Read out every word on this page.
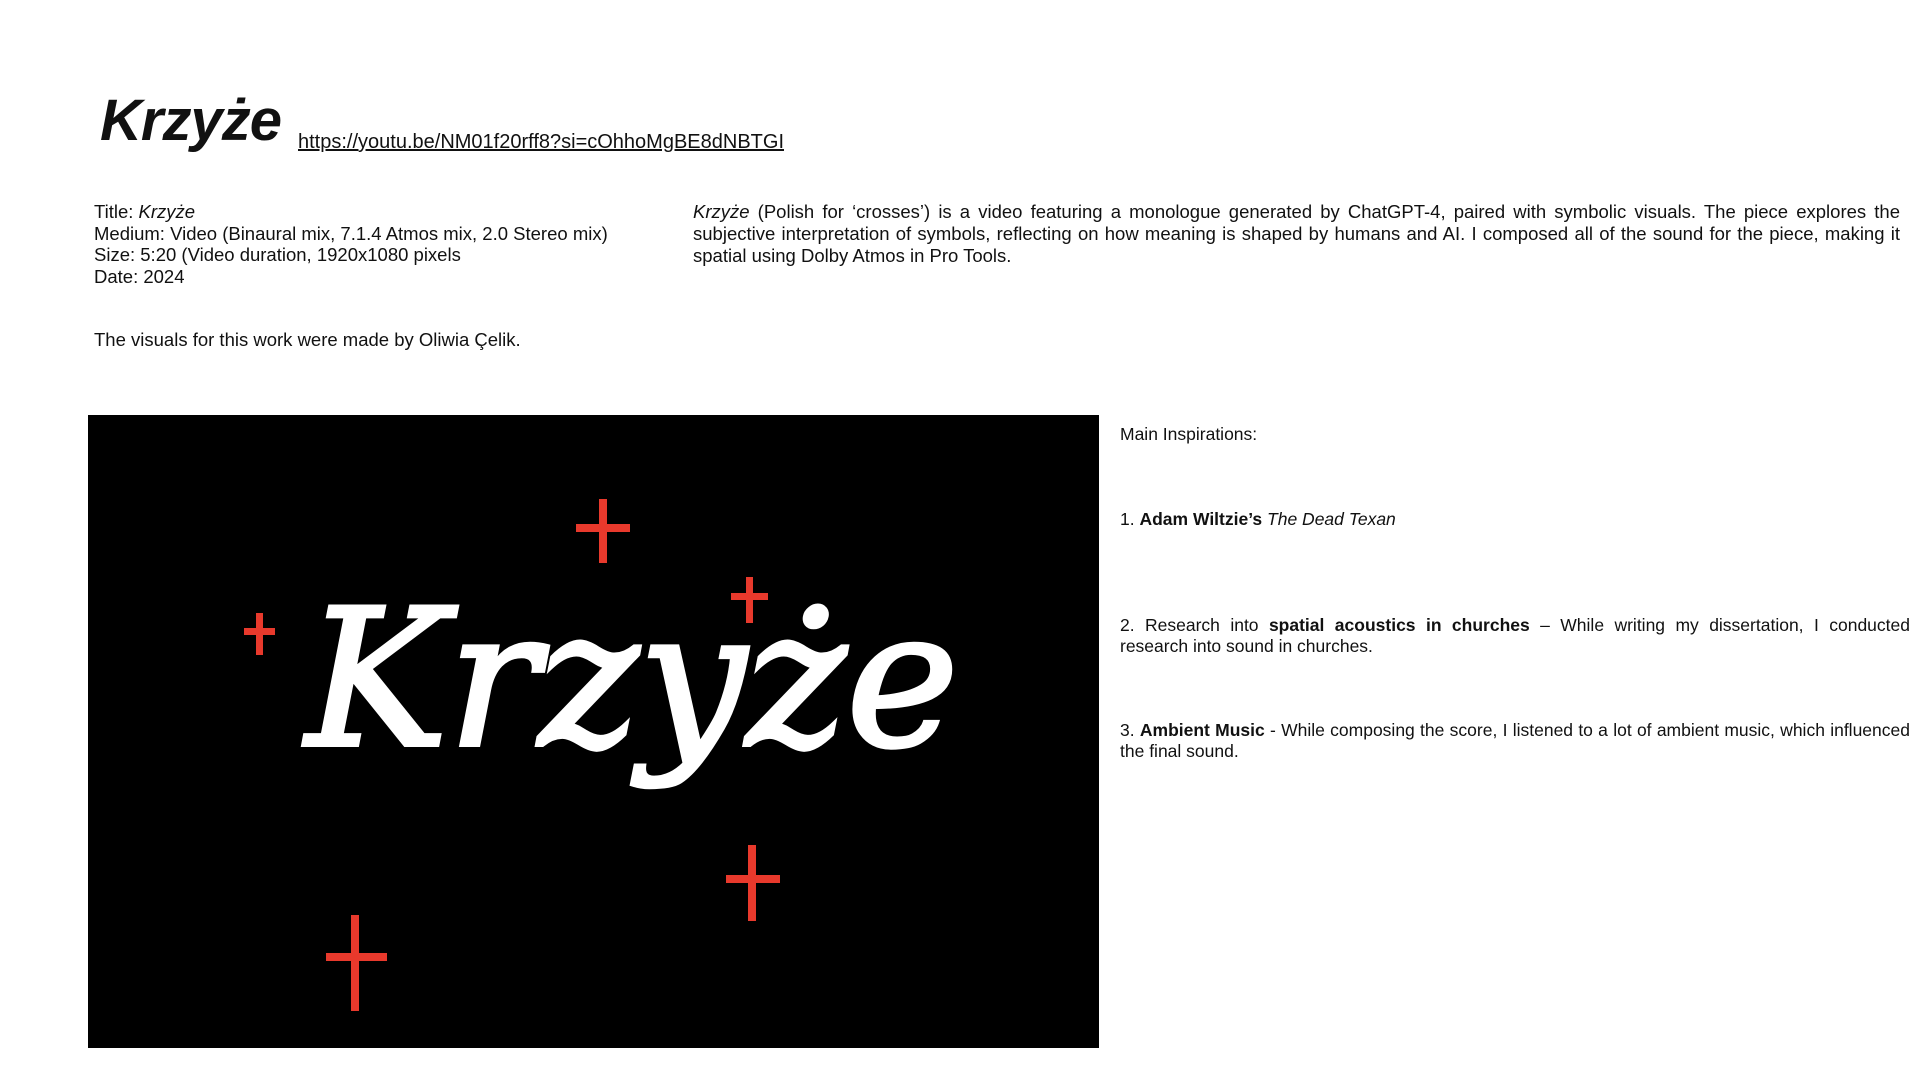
Krzyże https://youtu.be/NM01f20rff8?si=cOhhoMgBE8dNBTGI
Title: Krzyże
Medium: Video (Binaural mix, 7.1.4 Atmos mix, 2.0 Stereo mix)
Size: 5:20 (Video duration, 1920x1080 pixels
Date: 2024
The visuals for this work were made by Oliwia Çelik.
Krzyże (Polish for ‘crosses’) is a video featuring a monologue generated by ChatGPT-4, paired with symbolic visuals. The piece explores the subjective interpretation of symbols, reflecting on how meaning is shaped by humans and AI. I composed all of the sound for the piece, making it spatial using Dolby Atmos in Pro Tools.
Krzyże
Main Inspirations:
1. Adam Wiltzie’s The Dead Texan
2. Research into spatial acoustics in churches – While writing my dissertation, I conducted research into sound in churches.
3. Ambient Music - While composing the score, I listened to a lot of ambient music, which influenced the final sound.
